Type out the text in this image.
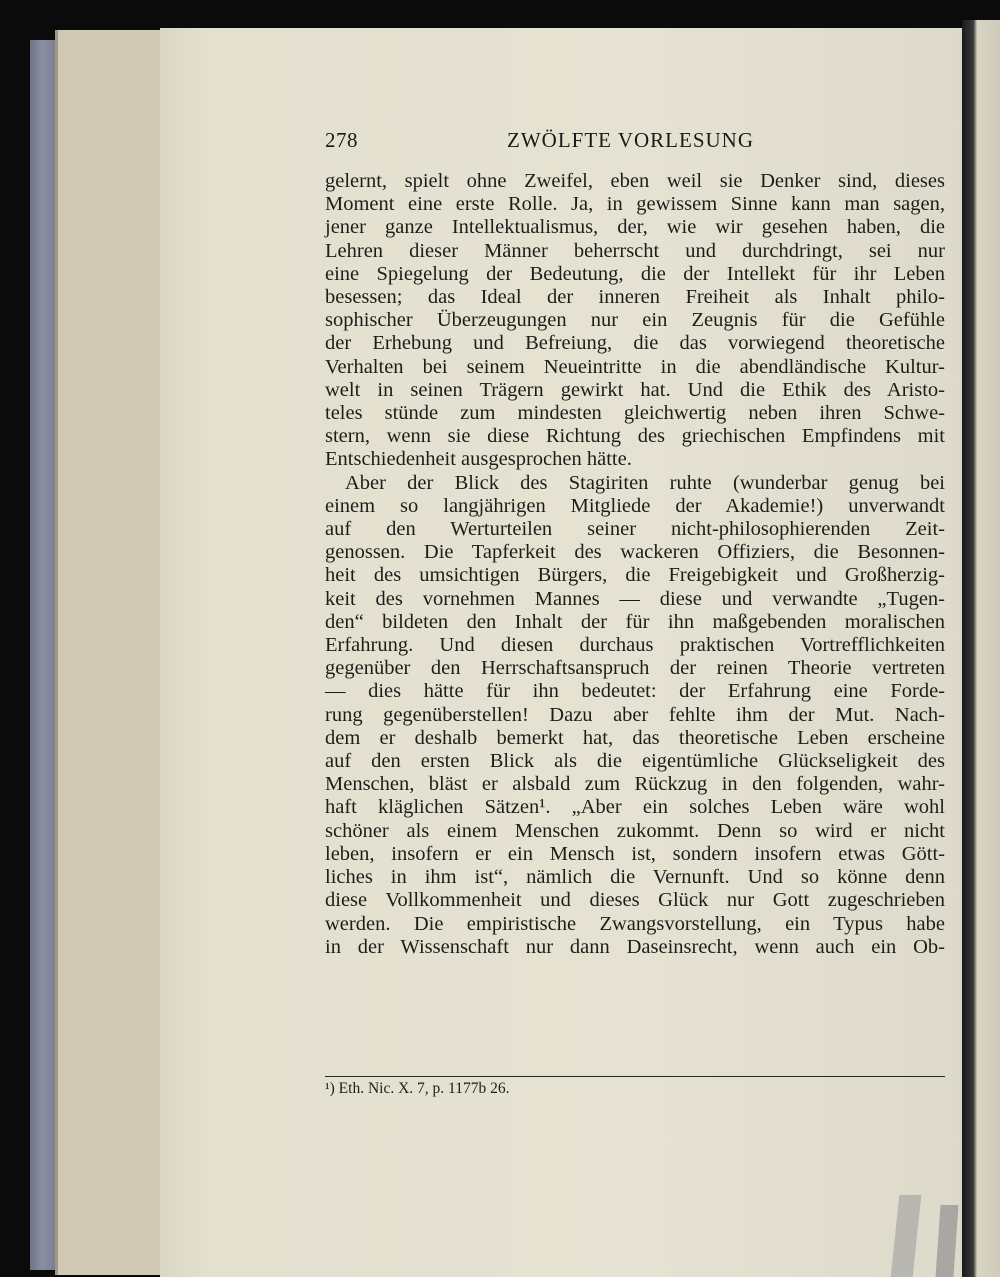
278	ZWÖLFTE VORLESUNG

gelernt, spielt ohne Zweifel, eben weil sie Denker sind, dieses
Moment eine erste Rolle. Ja, in gewissem Sinne kann man sagen,
jener ganze Intellektualismus, der, wie wir gesehen haben, die
Lehren dieser Männer beherrscht und durchdringt, sei nur
eine Spiegelung der Bedeutung, die der Intellekt für ihr Leben
besessen; das Ideal der inneren Freiheit als Inhalt philo-
sophischer Überzeugungen nur ein Zeugnis für die Gefühle
der Erhebung und Befreiung, die das vorwiegend theoretische
Verhalten bei seinem Neueintritte in die abendländische Kultur-
welt in seinen Trägern gewirkt hat. Und die Ethik des Aristo-
teles stünde zum mindesten gleichwertig neben ihren Schwe-
stern, wenn sie diese Richtung des griechischen Empfindens mit
Entschiedenheit ausgesprochen hätte.

Aber der Blick des Stagiriten ruhte (wunderbar genug bei
einem so langjährigen Mitgliede der Akademie!) unverwandt
auf den Werturteilen seiner nicht-philosophierenden Zeit-
genossen. Die Tapferkeit des wackeren Offiziers, die Besonnen-
heit des umsichtigen Bürgers, die Freigebigkeit und Großherzig-
keit des vornehmen Mannes — diese und verwandte „Tugen-
den“ bildeten den Inhalt der für ihn maßgebenden moralischen
Erfahrung. Und diesen durchaus praktischen Vortrefflichkeiten
gegenüber den Herrschaftsanspruch der reinen Theorie vertreten
— dies hätte für ihn bedeutet: der Erfahrung eine Forde-
rung gegenüberstellen! Dazu aber fehlte ihm der Mut. Nach-
dem er deshalb bemerkt hat, das theoretische Leben erscheine
auf den ersten Blick als die eigentümliche Glückseligkeit des
Menschen, bläst er alsbald zum Rückzug in den folgenden, wahr-
haft kläglichen Sätzen¹. „Aber ein solches Leben wäre wohl
schöner als einem Menschen zukommt. Denn so wird er nicht
leben, insofern er ein Mensch ist, sondern insofern etwas Gött-
liches in ihm ist“, nämlich die Vernunft. Und so könne denn
diese Vollkommenheit und dieses Glück nur Gott zugeschrieben
werden. Die empiristische Zwangsvorstellung, ein Typus habe
in der Wissenschaft nur dann Daseinsrecht, wenn auch ein Ob-

¹) Eth. Nic. X. 7, p. 1177b 26.
